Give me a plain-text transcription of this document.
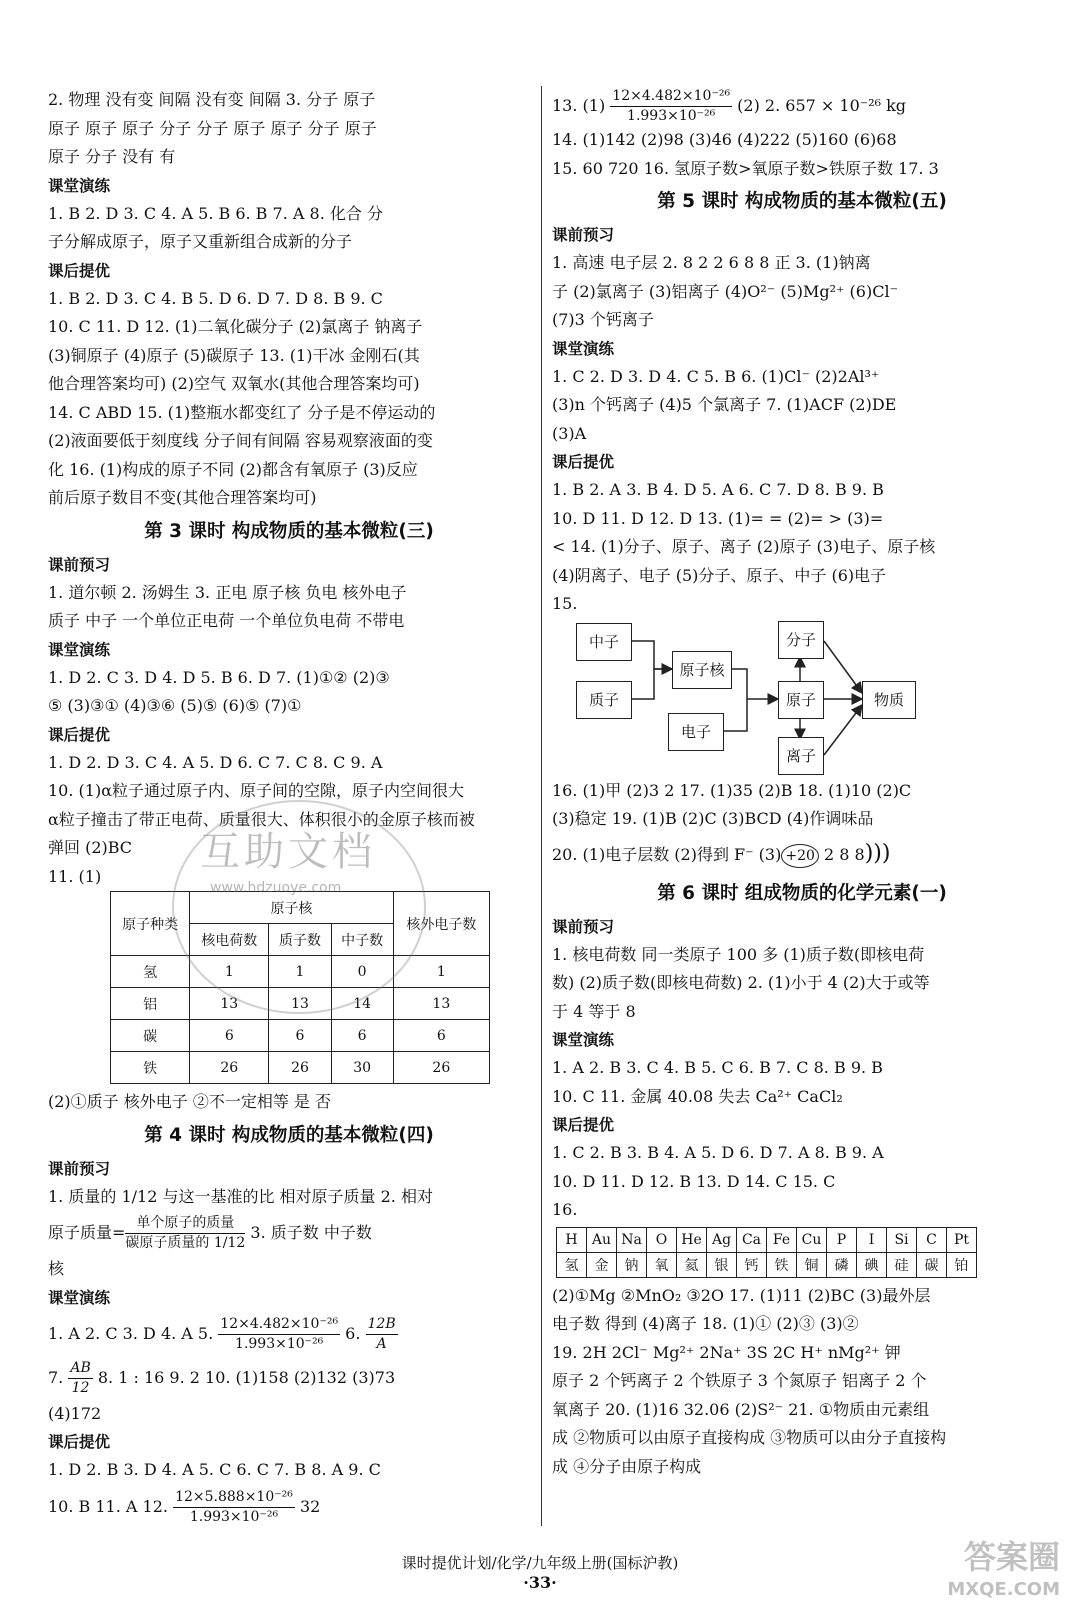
2. 物理 没有变 间隔 没有变 间隔 3. 分子 原子
原子 原子 原子 分子 分子 原子 原子 分子 原子
原子 分子 没有 有
课堂演练
1. B 2. D 3. C 4. A 5. B 6. B 7. A 8. 化合 分
子分解成原子，原子又重新组合成新的分子
课后提优
1. B 2. D 3. C 4. B 5. D 6. D 7. D 8. B 9. C
10. C 11. D 12. (1)二氧化碳分子 (2)氯离子 钠离子
(3)铜原子 (4)原子 (5)碳原子 13. (1)干冰 金刚石(其
他合理答案均可) (2)空气 双氧水(其他合理答案均可)
14. C ABD 15. (1)整瓶水都变红了 分子是不停运动的
(2)液面要低于刻度线 分子间有间隔 容易观察液面的变
化 16. (1)构成的原子不同 (2)都含有氧原子 (3)反应
前后原子数目不变(其他合理答案均可)
第 3 课时 构成物质的基本微粒(三)
课前预习
1. 道尔顿 2. 汤姆生 3. 正电 原子核 负电 核外电子
质子 中子 一个单位正电荷 一个单位负电荷 不带电
课堂演练
1. D 2. C 3. D 4. D 5. B 6. D 7. (1)①② (2)③
⑤ (3)③① (4)③⑥ (5)⑤ (6)⑤ (7)①
课后提优
1. D 2. D 3. C 4. A 5. D 6. C 7. C 8. C 9. A
10. (1)α粒子通过原子内、原子间的空隙，原子内空间很大
α粒子撞击了带正电荷、质量很大、体积很小的金原子核而被
弹回 (2)BC
11. (1)
原子种类	原子核			核外电子数
	核电荷数	质子数	中子数	
氢	1	1	0	1
铝	13	13	14	13
碳	6	6	6	6
铁	26	26	30	26
(2)①质子 核外电子 ②不一定相等 是 否
第 4 课时 构成物质的基本微粒(四)
课前预习
1. 质量的 1/12 与这一基准的比 相对原子质量 2. 相对
原子质量= $\frac{\text{单个原子的质量}}{\text{碳原子质量的 1/12}} 3$. 质子数 中子数
核
课堂演练
1. A 2. C 3. D 4. A 5. $\frac{\text{12×4.482×10⁻²⁶}}{\text{1.993×10⁻²⁶}} 6$. $\frac{12B}{A}$
7. $\frac{AB}{12} 8$. 1 : 16 9. 2 10. (1)158 (2)132 (3)73
(4)172
课后提优
1. D 2. B 3. D 4. A 5. C 6. C 7. B 8. A 9. C
10. B 11. A 12. $\frac{\text{12×5.888×10⁻²⁶}}{\text{1.993×10⁻²⁶}} 32$
13. $(1) \frac{\text{12×4.482×10⁻²⁶}}{\text{1.993×10⁻²⁶}} (2)$ 2. 657 × 10⁻²⁶ kg
14. (1)142 (2)98 (3)46 (4)222 (5)160 (6)68
15. 60 720 16. 氢原子数>氧原子数>铁原子数 17. 3
第 5 课时 构成物质的基本微粒(五)
课前预习
1. 高速 电子层 2. 8 2 2 6 8 8 正 3. (1)钠离
子 (2)氯离子 (3)铝离子 (4)O²⁻ (5)Mg²⁺ (6)Cl⁻
(7)3 个钙离子
课堂演练
1. C 2. D 3. D 4. C 5. B 6. (1)Cl⁻ (2)2Al³⁺
(3)n 个钙离子 (4)5 个氯离子 7. (1)ACF (2)DE
(3)A
课后提优
1. B 2. A 3. B 4. D 5. A 6. C 7. D 8. B 9. B
10. D 11. D 12. D 13. (1)= = (2)= > (3)=
< 14. (1)分子、原子、离子 (2)原子 (3)电子、原子核
(4)阴离子、电子 (5)分子、原子、中子 (6)电子
15.
中子
原子核
质子
电子
分子
原子
离子
物质
16. (1)甲 (2)3 2 17. (1)35 (2)B 18. (1)10 (2)C
(3)稳定 19. (1)B (2)C (3)BCD (4)作调味品
20. (1)电子层数 (2)得到 F⁻ (3) +20 2 8 8)))
第 6 课时 组成物质的化学元素(一)
课前预习
1. 核电荷数 同一类原子 100 多 (1)质子数(即核电荷
数) (2)质子数(即核电荷数) 2. (1)小于 4 (2)大于或等
于 4 等于 8
课堂演练
1. A 2. B 3. C 4. B 5. C 6. B 7. C 8. B 9. B
10. C 11. 金属 40.08 失去 Ca²⁺ CaCl₂
课后提优
1. C 2. B 3. B 4. A 5. D 6. D 7. A 8. B 9. A
10. D 11. D 12. B 13. D 14. C 15. C
16.
H	Au	Na	O	He	Ag	Ca	Fe	Cu	P	I	Si	C	Pt
氢	金	钠	氧	氦	银	钙	铁	铜	磷	碘	硅	碳	铂
(2)①Mg ②MnO₂ ③2O 17. (1)11 (2)BC (3)最外层
电子数 得到 (4)离子 18. (1)① (2)③ (3)②
19. 2H 2Cl⁻ Mg²⁺ 2Na⁺ 3S 2C H⁺ nMg²⁺ 钾
原子 2 个钙离子 2 个铁原子 3 个氮原子 铝离子 2 个
氧离子 20. (1)16 32.06 (2)S²⁻ 21. ①物质由元素组
成 ②物质可以由原子直接构成 ③物质可以由分子直接构
成 ④分子由原子构成
互助文档
www.hdzuoye.com
课时提优计划/化学/九年级上册(国标沪教)
·33·
答案圈
MXQE.COM
